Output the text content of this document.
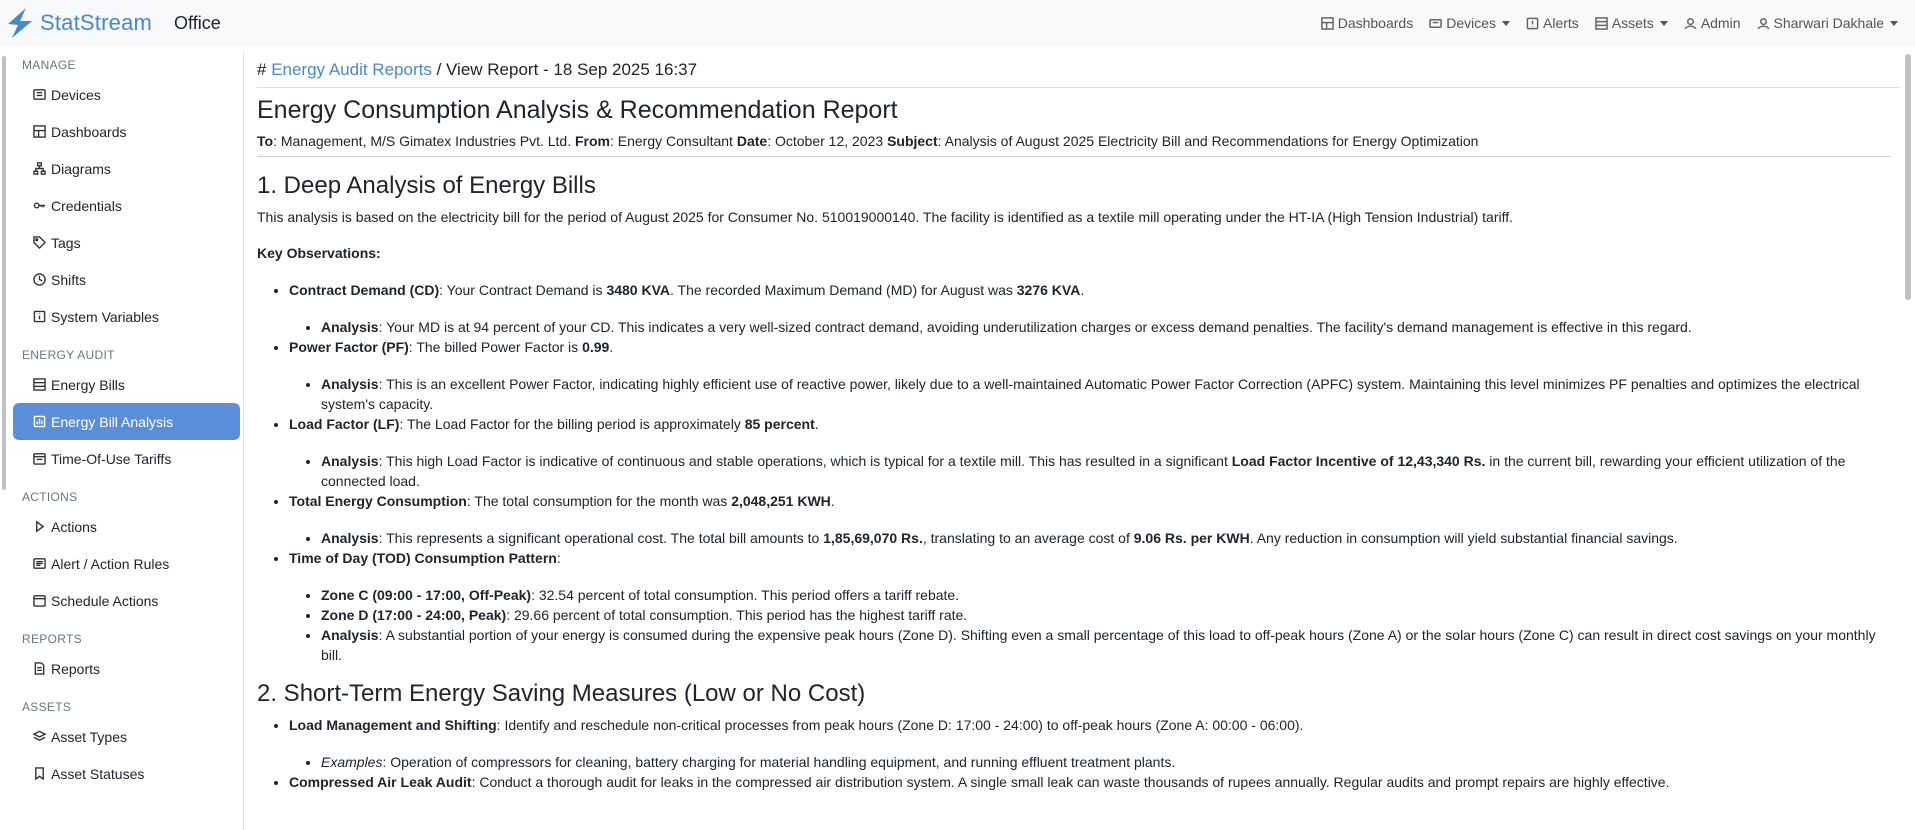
StatStream Office	Dashboards Devices	Alerts Assets	Admin Sharwari Dakhale
MANAGE
Devices
Dashboards
Diagrams
Credentials
Tags
Shifts
System Variables
ENERGY AUDIT
Energy Bills
Energy Bill Analysis
Time-Of-Use Tariffs
ACTIONS
Actions
Alert / Action Rules
Schedule Actions
REPORTS
Reports
ASSETS
Asset Types
Asset Statuses
# Energy Audit Reports / View Report - 18 Sep 2025 16:37
Energy Consumption Analysis & Recommendation Report
To: Management, M/S Gimatex Industries Pvt. Ltd. From: Energy Consultant Date: October 12, 2023 Subject: Analysis of August 2025 Electricity Bill and Recommendations for Energy Optimization
1. Deep Analysis of Energy Bills

This analysis is based on the electricity bill for the period of August 2025 for Consumer No. 510019000140. The facility is identified as a textile mill operating under the HT-IA (High Tension Industrial) tariff.

Key Observations:

• Contract Demand (CD): Your Contract Demand is 3480 KVA. The recorded Maximum Demand (MD) for August was 3276 KVA.
• Analysis: Your MD is at 94 percent of your CD. This indicates a very well-sized contract demand, avoiding underutilization charges or excess demand penalties. The facility's demand management is effective in this regard.
• Power Factor (PF): The billed Power Factor is 0.99.
• Analysis: This is an excellent Power Factor, indicating highly efficient use of reactive power, likely due to a well-maintained Automatic Power Factor Correction (APFC) system. Maintaining this level minimizes PF penalties and optimizes the electrical system's capacity.
• Load Factor (LF): The Load Factor for the billing period is approximately 85 percent.
• Analysis: This high Load Factor is indicative of continuous and stable operations, which is typical for a textile mill. This has resulted in a significant Load Factor Incentive of 12,43,340 Rs. in the current bill, rewarding your efficient utilization of the connected load.
• Total Energy Consumption: The total consumption for the month was 2,048,251 KWH.
• Analysis: This represents a significant operational cost. The total bill amounts to 1,85,69,070 Rs., translating to an average cost of 9.06 Rs. per KWH. Any reduction in consumption will yield substantial financial savings.
• Time of Day (TOD) Consumption Pattern:
• Zone C (09:00 - 17:00, Off-Peak): 32.54 percent of total consumption. This period offers a tariff rebate.
• Zone D (17:00 - 24:00, Peak): 29.66 percent of total consumption. This period has the highest tariff rate.
• Analysis: A substantial portion of your energy is consumed during the expensive peak hours (Zone D). Shifting even a small percentage of this load to off-peak hours (Zone A) or the solar hours (Zone C) can result in direct cost savings on your monthly bill.
2. Short-Term Energy Saving Measures (Low or No Cost)
• Load Management and Shifting: Identify and reschedule non-critical processes from peak hours (Zone D: 17:00 - 24:00) to off-peak hours (Zone A: 00:00 - 06:00).
• Examples: Operation of compressors for cleaning, battery charging for material handling equipment, and running effluent treatment plants.
• Compressed Air Leak Audit: Conduct a thorough audit for leaks in the compressed air distribution system. A single small leak can waste thousands of rupees annually. Regular audits and prompt repairs are highly effective.
